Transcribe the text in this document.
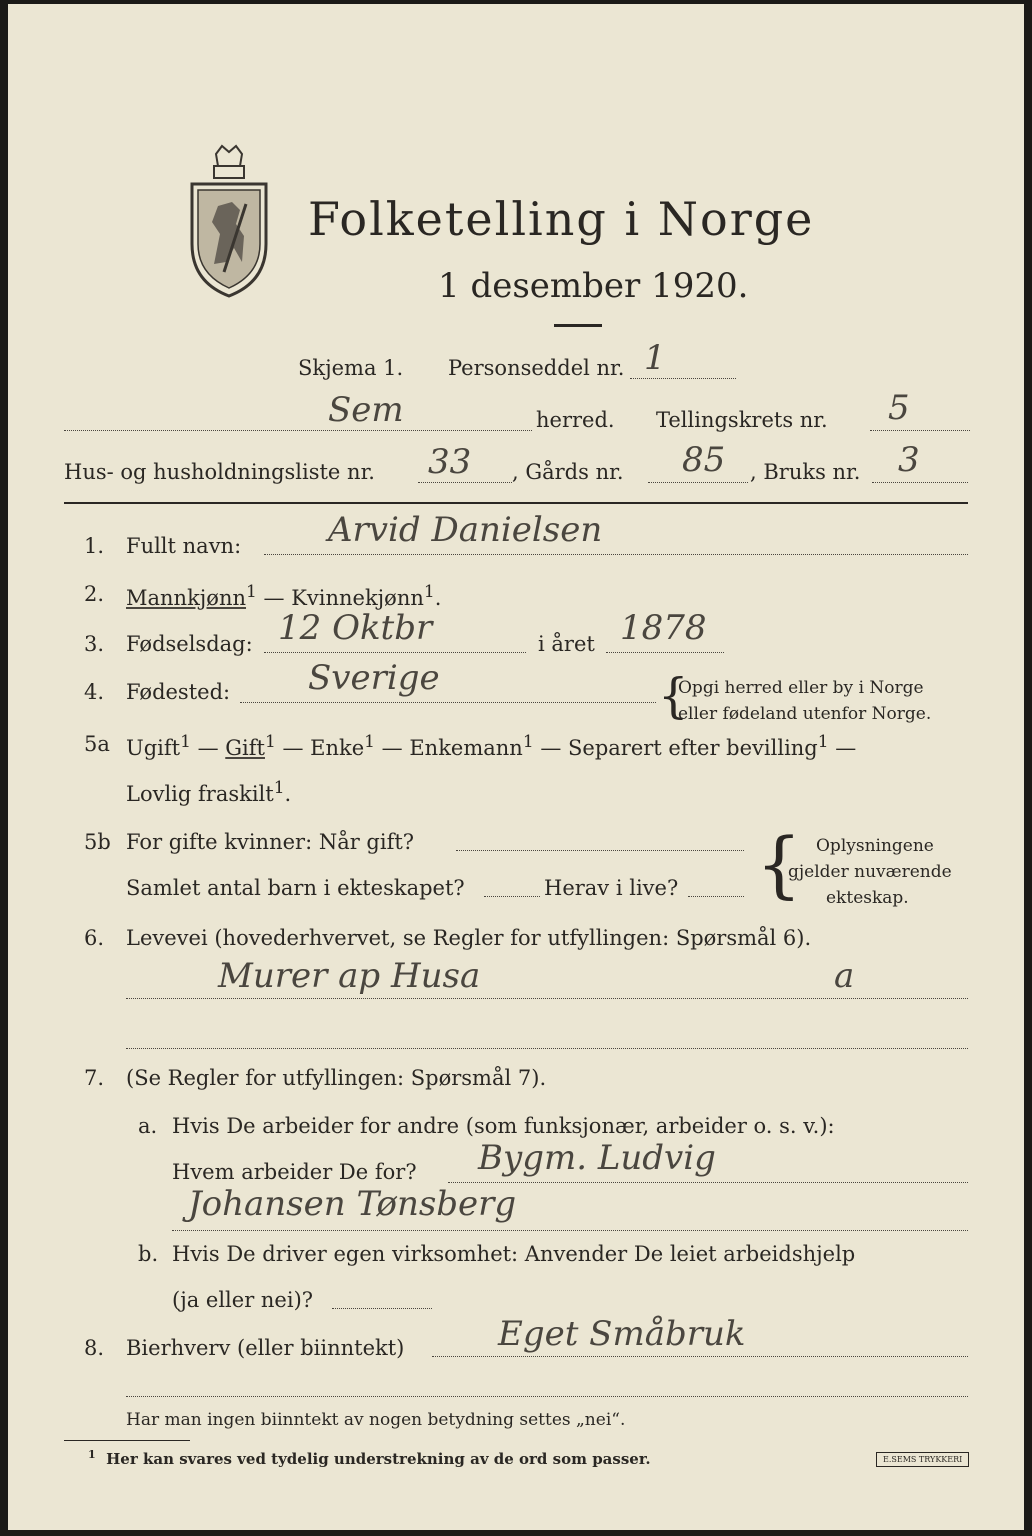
Folketelling i Norge
1 desember 1920.
Skjema 1. Personseddel nr. 1
Sem	herred. Tellingskrets nr. 5
Hus- og husholdningsliste nr. 33 , Gårds nr. 85 , Bruks nr. 3
1. Fullt navn:	Arvid Danielsen
2. Mannkjønn$^1$ — Kvinnekjønn$^1$.
3. Fødselsdag: 12 Oktbr	i året 1878
4. Fødested: Sverige	{
Opgi herred eller by i Norge
eller fødeland utenfor Norge.
5a Ugift$^1$ — Gift$^1$ — Enke$^1$ — Enkemann$^1$ — Separert efter bevilling$^1$ —
Lovlig fraskilt$^1$.
5b For gifte kvinner: Når gift?
Samlet antal barn i ekteskapet?	Herav i live? { Oplysningene
gjelder nuværende
ekteskap.
6. Levevei (hovederhvervet, se Regler for utfyllingen: Spørsmål 6).
Murer ap Husa	a
7. (Se Regler for utfyllingen: Spørsmål 7).
a. Hvis De arbeider for andre (som funksjonær, arbeider o. s. v.):
Hvem arbeider De for? Bygm. Ludvig
Johansen Tønsberg
b. Hvis De driver egen virksomhet: Anvender De leiet arbeidshjelp
(ja eller nei)?
8. Bierhverv (eller biinntekt)	Eget Småbruk
Har man ingen biinntekt av nogen betydning settes „nei“.
$^1$ Her kan svares ved tydelig understrekning av de ord som passer.	E.SEMS TRYKKERI
